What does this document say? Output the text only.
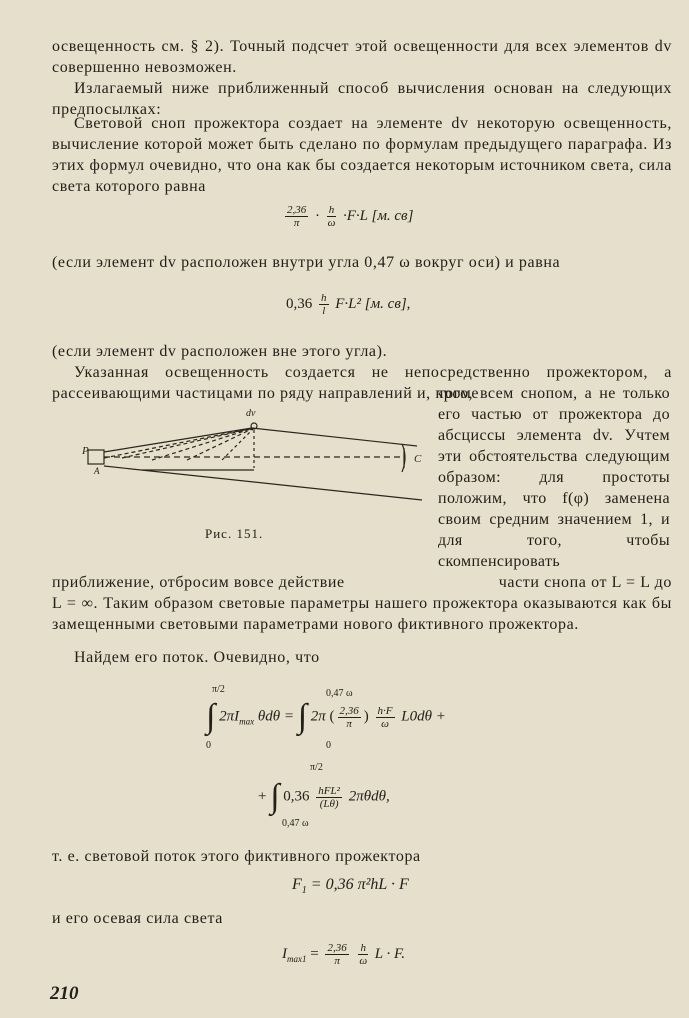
освещенность см. § 2). Точный подсчет этой освещенности для всех элементов dv совершенно невозможен.

Излагаемый ниже приближенный способ вычисления основан на следующих предпосылках:

Световой сноп прожектора создает на элементе dv некоторую освещенность, вычисление которой может быть сделано по формулам предыдущего параграфа. Из этих формул очевидно, что она как бы создается некоторым источником света, сила света которого равна

$\frac{2,36}{\pi} \cdot \frac{h}{\omega} \cdot F\cdot L$ [м. св]

(если элемент dv расположен внутри угла 0,47 ω вокруг оси) и равна

$0,36 \frac{h}{l} F\cdot L^2$ [м. св],

(если элемент dv расположен вне этого угла).

Указанная освещенность создается не непосредственно прожектором, а рассеивающими частицами по ряду направлений и, кроме

dv
P
C
A
Рис. 151.

того, всем снопом, а не только его частью от прожектора до абсциссы элемента dv. Учтем эти обстоятельства следующим образом: для простоты положим, что f(φ) заменена своим средним значением 1, и для того, чтобы скомпенсировать

приближение, отбросим вовсе действие	части снопа от L = L до

L = ∞. Таким образом световые параметры нашего прожектора оказываются как бы замещенными световыми параметрами нового фиктивного прожектора.

Найдем его поток. Очевидно, что

∫ $2\pi I_{max}$ θdθ = ∫ 2π ( $\frac{2,36}{\pi}$ ) $\frac{h\cdot F}{\omega} L0d\theta$ +
π/2
0
0,47 ω
0
+ ∫ $0,36 \frac{\text{hFL²}}{(L\theta)} 2\pi\theta d\theta$,
π/2
0,47 ω

т. е. световой поток этого фиктивного прожектора

$F_1 = 0,36$ π²hL · F

и его осевая сила света

$I_{max1} = \frac{2,36}{\pi}$
$\frac{h}{\omega}$ L · F.
210
